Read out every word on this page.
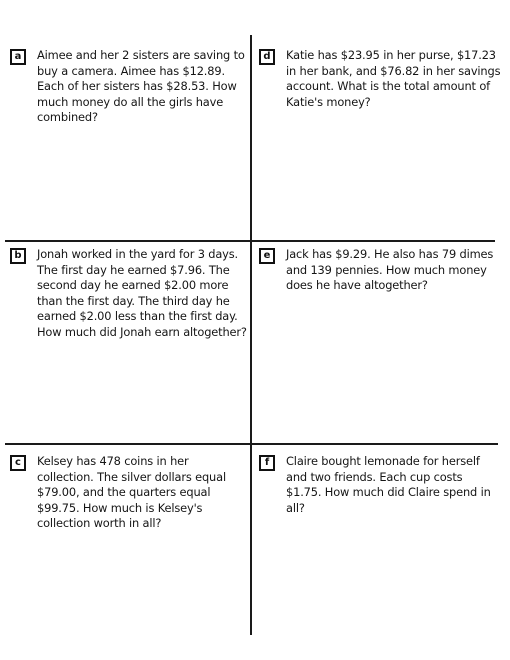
a	Aimee and her 2 sisters are saving to buy a camera. Aimee has $12.89. Each of her sisters has $28.53. How much money do all the girls have combined?
d	Katie has $23.95 in her purse, $17.23 in her bank, and $76.82 in her savings account. What is the total amount of Katie's money?
b	Jonah worked in the yard for 3 days. The first day he earned $7.96. The second day he earned $2.00 more than the first day. The third day he earned $2.00 less than the first day. How much did Jonah earn altogether?
e	Jack has $9.29. He also has 79 dimes and 139 pennies. How much money does he have altogether?
c	Kelsey has 478 coins in her collection. The silver dollars equal $79.00, and the quarters equal $99.75. How much is Kelsey's collection worth in all?
f	Claire bought lemonade for herself and two friends. Each cup costs $1.75. How much did Claire spend in all?
